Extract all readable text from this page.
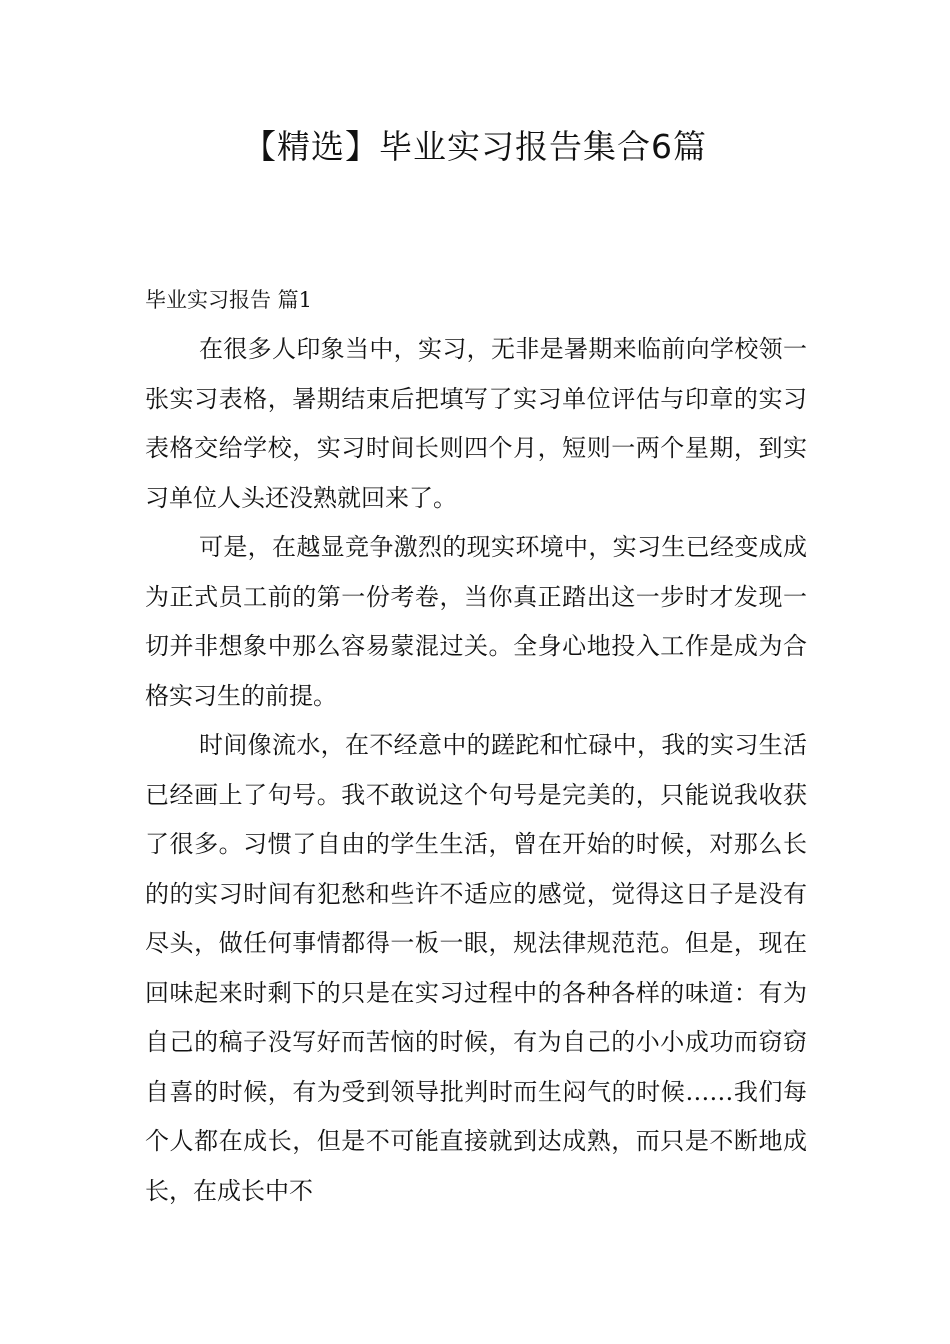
【精选】毕业实习报告集合6篇

毕业实习报告 篇1

在很多人印象当中，实习，无非是暑期来临前向学校领一张实习表格，暑期结束后把填写了实习单位评估与印章的实习表格交给学校，实习时间长则四个月，短则一两个星期，到实习单位人头还没熟就回来了。

可是，在越显竞争激烈的现实环境中，实习生已经变成成为正式员工前的第一份考卷，当你真正踏出这一步时才发现一切并非想象中那么容易蒙混过关。全身心地投入工作是成为合格实习生的前提。

时间像流水，在不经意中的蹉跎和忙碌中，我的实习生活已经画上了句号。我不敢说这个句号是完美的，只能说我收获了很多。习惯了自由的学生生活，曾在开始的时候，对那么长的的实习时间有犯愁和些许不适应的感觉，觉得这日子是没有尽头，做任何事情都得一板一眼，规法律规范范。但是，现在回味起来时剩下的只是在实习过程中的各种各样的味道：有为自己的稿子没写好而苦恼的时候，有为自己的小小成功而窃窃自喜的时候，有为受到领导批判时而生闷气的时候……我们每个人都在成长，但是不可能直接就到达成熟，而只是不断地成长，在成长中不
